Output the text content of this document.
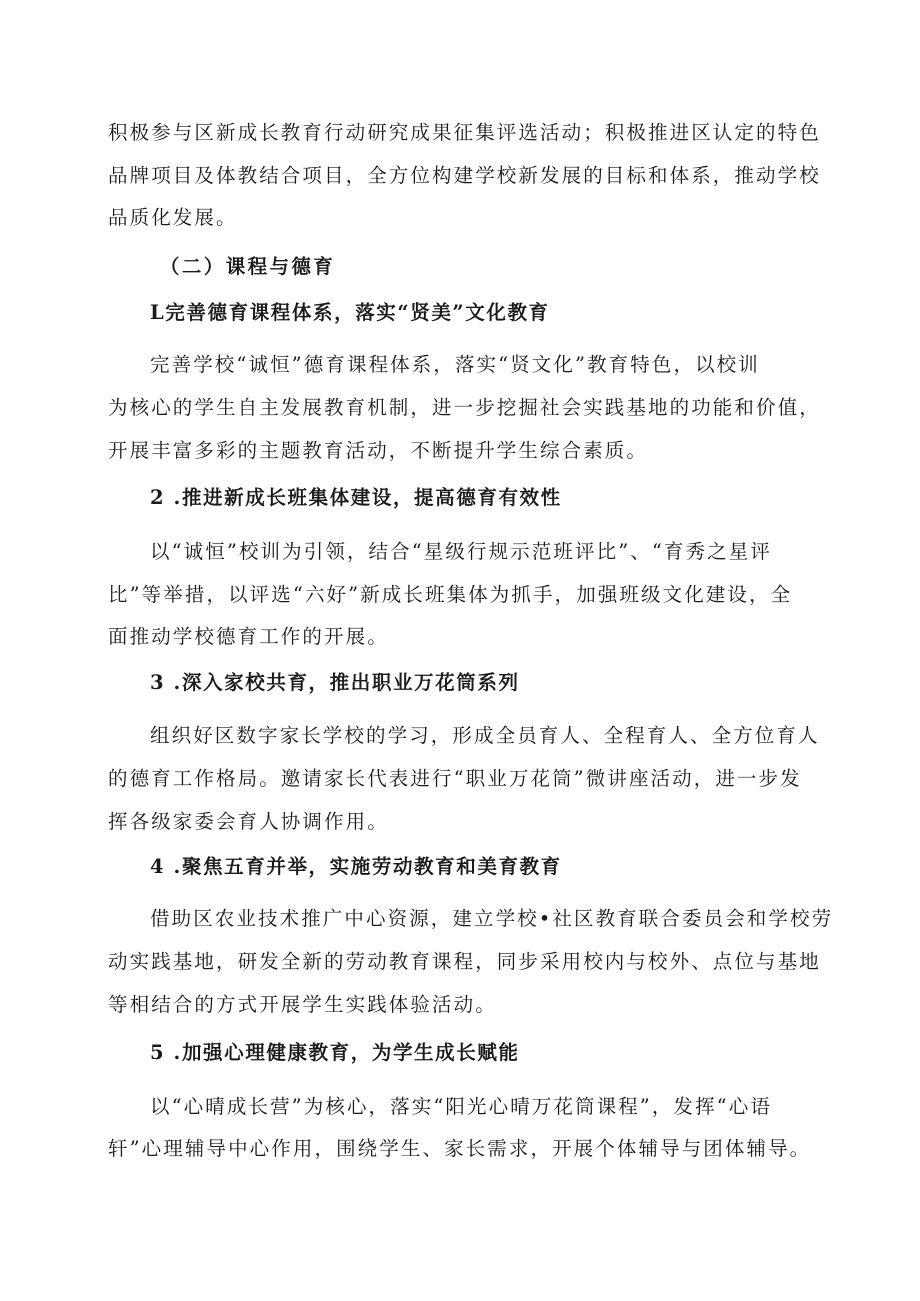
积极参与区新成长教育行动研究成果征集评选活动；积极推进区认定的特色
品牌项目及体教结合项目，全方位构建学校新发展的目标和体系，推动学校
品质化发展。
（二）课程与德育
L完善德育课程体系，落实“贤美”文化教育
完善学校“诚恒”德育课程体系，落实“贤文化”教育特色，以校训
为核心的学生自主发展教育机制，进一步挖掘社会实践基地的功能和价值，
开展丰富多彩的主题教育活动，不断提升学生综合素质。
2 .推进新成长班集体建设，提高德育有效性
以“诚恒”校训为引领，结合“星级行规示范班评比”、“育秀之星评
比”等举措，以评选“六好”新成长班集体为抓手，加强班级文化建设，全
面推动学校德育工作的开展。
3 .深入家校共育，推出职业万花筒系列
组织好区数字家长学校的学习，形成全员育人、全程育人、全方位育人
的德育工作格局。邀请家长代表进行“职业万花筒”微讲座活动，进一步发
挥各级家委会育人协调作用。
4 .聚焦五育并举，实施劳动教育和美育教育
借助区农业技术推广中心资源，建立学校•社区教育联合委员会和学校劳
动实践基地，研发全新的劳动教育课程，同步采用校内与校外、点位与基地
等相结合的方式开展学生实践体验活动。
5 .加强心理健康教育，为学生成长赋能
以“心晴成长营”为核心，落实“阳光心晴万花筒课程”，发挥“心语
轩”心理辅导中心作用，围绕学生、家长需求，开展个体辅导与团体辅导。
